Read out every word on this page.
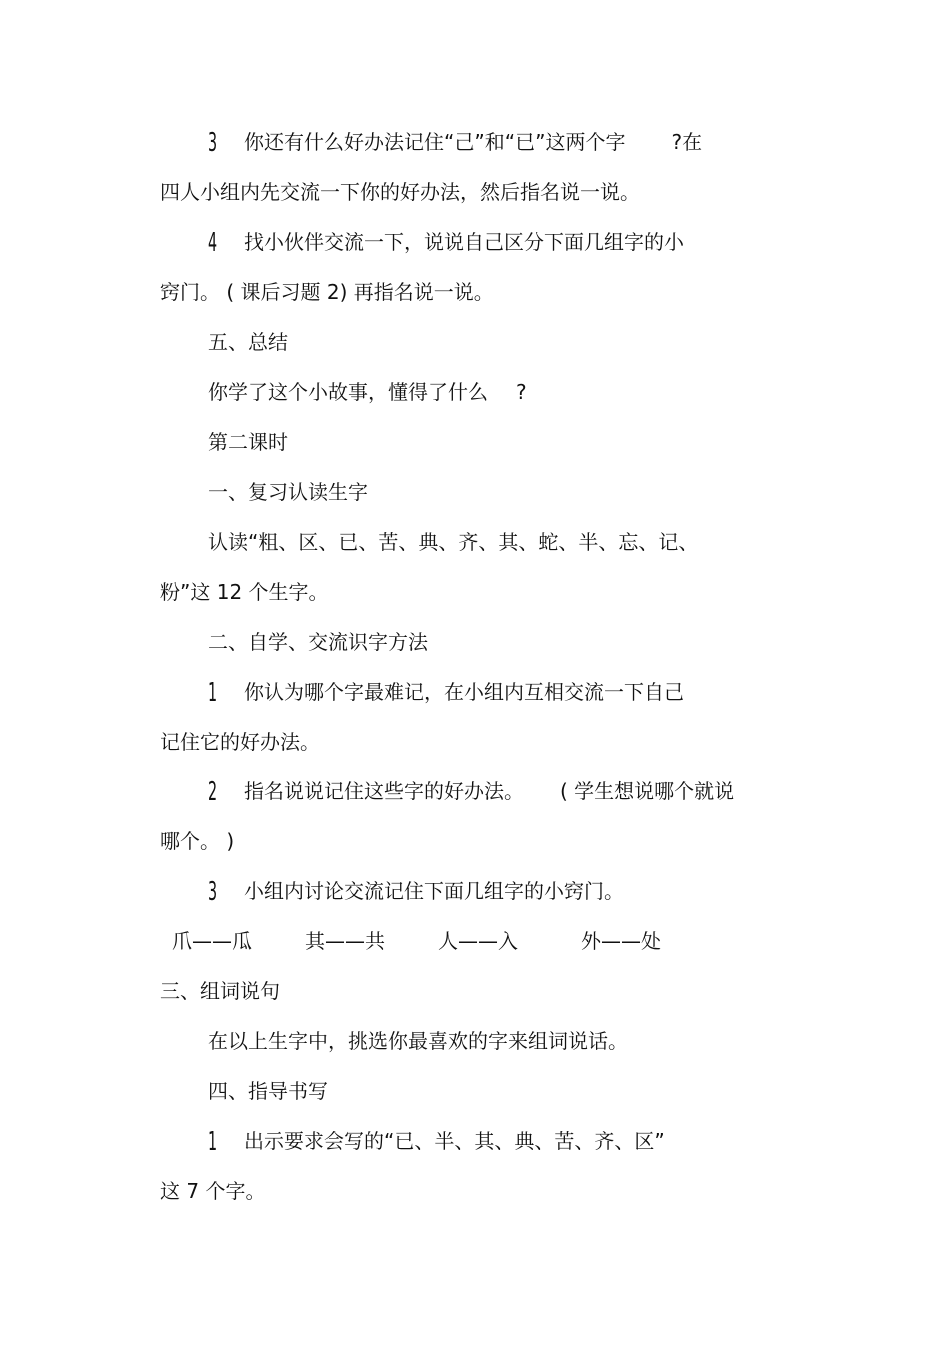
3 你还有什么好办法记住“己”和“已”这两个字 ?在
四人小组内先交流一下你的好办法，然后指名说一说。
4 找小伙伴交流一下，说说自己区分下面几组字的小
窍门。 ( 课后习题 2) 再指名说一说。
五、总结
你学了这个小故事，懂得了什么 ?
第二课时
一、复习认读生字
认读“粗、区、已、苦、典、齐、其、蛇、半、忘、记、
粉”这 12 个生字。
二、自学、交流识字方法
1 你认为哪个字最难记，在小组内互相交流一下自己
记住它的好办法。
2 指名说说记住这些字的好办法。 ( 学生想说哪个就说
哪个。 )
3 小组内讨论交流记住下面几组字的小窍门。
爪——瓜	其——共	人——入	外——处
三、组词说句
在以上生字中，挑选你最喜欢的字来组词说话。
四、指导书写
1 出示要求会写的“已、半、其、典、苦、齐、区”
这 7 个字。
